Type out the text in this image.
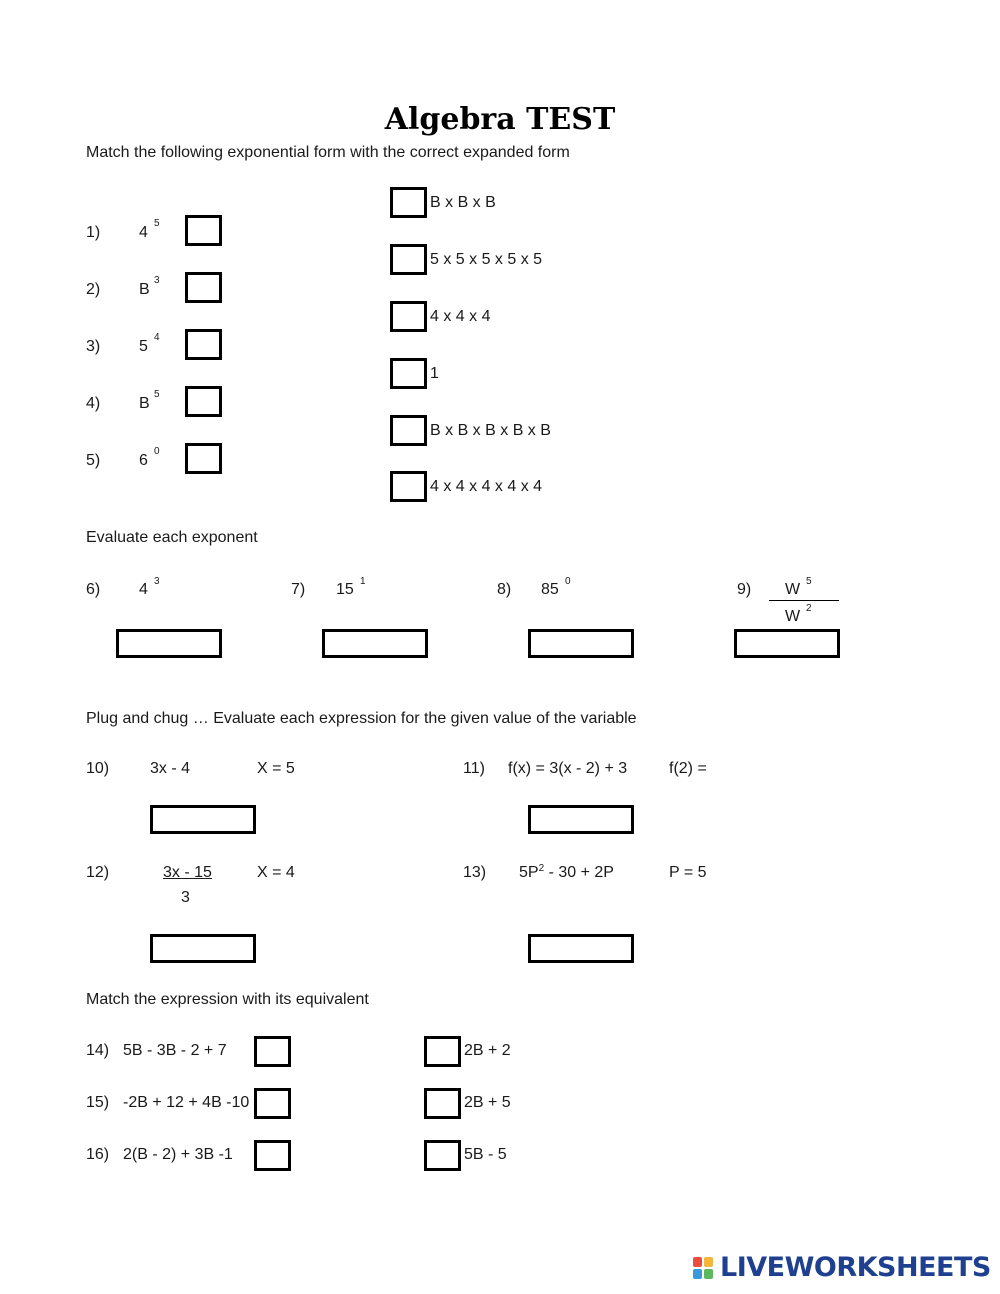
Algebra TEST
Match the following exponential form with the correct expanded form
1) 4
5
2) B
3
3) 5
4
4) B
5
5) 6
0
B x B x B
5 x 5 x 5 x 5 x 5
4 x 4 x 4
1
B x B x B x B x B
4 x 4 x 4 x 4 x 4
Evaluate each exponent
6) 4 3	7) 15 1	8) 85 0	9) W 5
W 2
Plug and chug … Evaluate each expression for the given value of the variable
10)	3x - 4	X = 5	11) f(x) = 3(x - 2) + 3	f(2) =
12)	3x - 15
3
X = 4	13) $5P^2 - 30 + 2P$	P = 5
Match the expression with its equivalent
14) 5B - 3B - 2 + 7
15) -2B + 12 + 4B -10
16) 2(B - 2) + 3B -1
2B + 2
2B + 5
5B - 5
LIVEWORKSHEETS
